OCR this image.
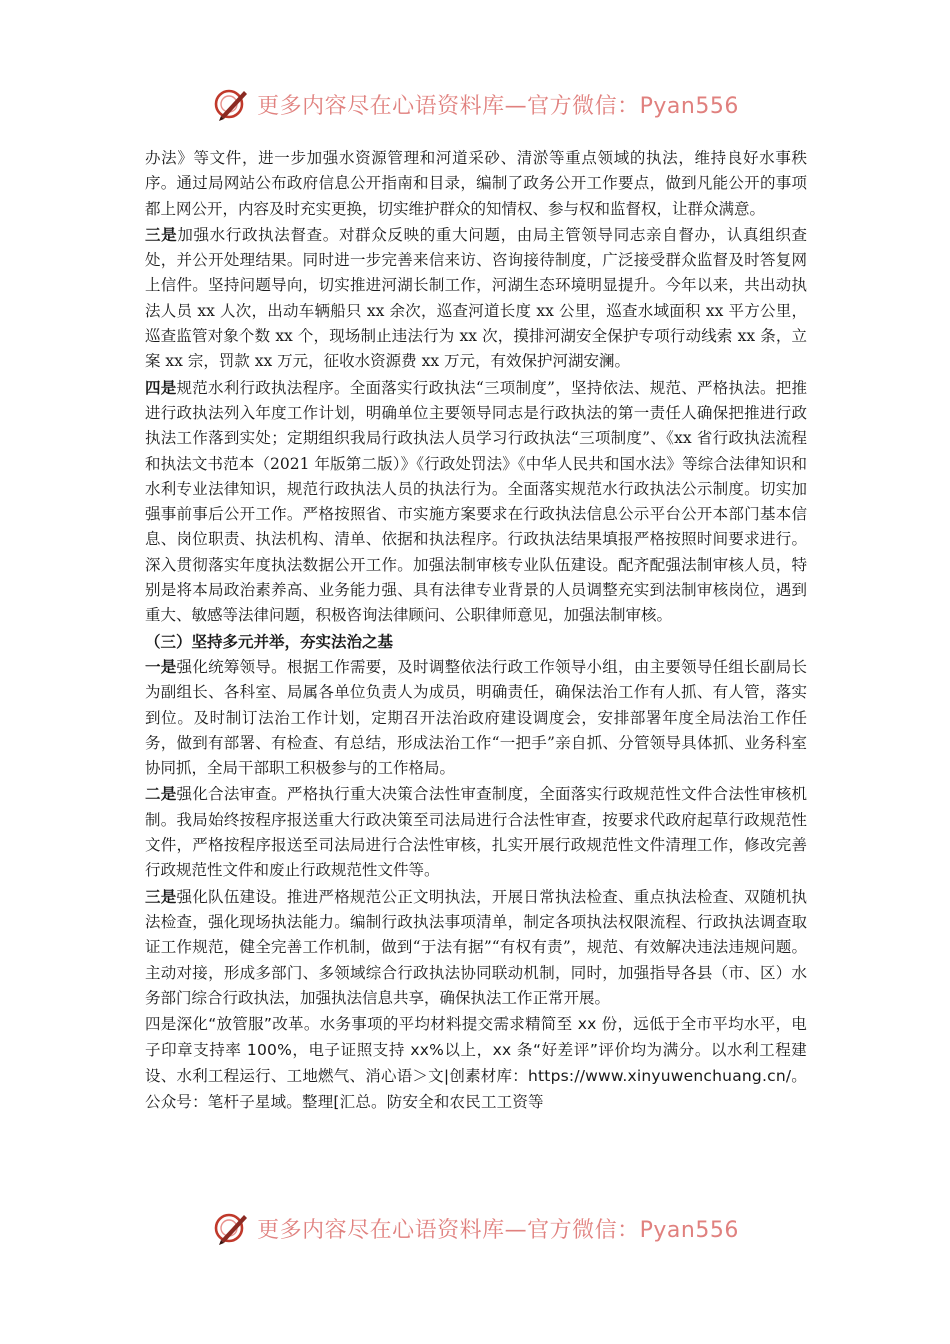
更多内容尽在心语资料库—官方微信：Pyan556

办法》等文件，进一步加强水资源管理和河道采砂、清淤等重点领域的执法，维持良好水事秩序。通过局网站公布政府信息公开指南和目录，编制了政务公开工作要点，做到凡能公开的事项都上网公开，内容及时充实更换，切实维护群众的知情权、参与权和监督权，让群众满意。

三是加强水行政执法督查。对群众反映的重大问题，由局主管领导同志亲自督办，认真组织查处，并公开处理结果。同时进一步完善来信来访、咨询接待制度，广泛接受群众监督及时答复网上信件。坚持问题导向，切实推进河湖长制工作，河湖生态环境明显提升。今年以来，共出动执法人员 xx 人次，出动车辆船只 xx 余次，巡查河道长度 xx 公里，巡查水域面积 xx 平方公里，巡查监管对象个数 xx 个，现场制止违法行为 xx 次，摸排河湖安全保护专项行动线索 xx 条，立案 xx 宗，罚款 xx 万元，征收水资源费 xx 万元，有效保护河湖安澜。

四是规范水利行政执法程序。全面落实行政执法“三项制度”，坚持依法、规范、严格执法。把推进行政执法列入年度工作计划，明确单位主要领导同志是行政执法的第一责任人确保把推进行政执法工作落到实处；定期组织我局行政执法人员学习行政执法“三项制度”、《xx 省行政执法流程和执法文书范本（2021 年版第二版）》《行政处罚法》《中华人民共和国水法》等综合法律知识和水利专业法律知识，规范行政执法人员的执法行为。全面落实规范水行政执法公示制度。切实加强事前事后公开工作。严格按照省、市实施方案要求在行政执法信息公示平台公开本部门基本信息、岗位职责、执法机构、清单、依据和执法程序。行政执法结果填报严格按照时间要求进行。深入贯彻落实年度执法数据公开工作。加强法制审核专业队伍建设。配齐配强法制审核人员，特别是将本局政治素养高、业务能力强、具有法律专业背景的人员调整充实到法制审核岗位，遇到重大、敏感等法律问题，积极咨询法律顾问、公职律师意见，加强法制审核。

（三）坚持多元并举，夯实法治之基

一是强化统筹领导。根据工作需要，及时调整依法行政工作领导小组，由主要领导任组长副局长为副组长、各科室、局属各单位负责人为成员，明确责任，确保法治工作有人抓、有人管，落实到位。及时制订法治工作计划，定期召开法治政府建设调度会，安排部署年度全局法治工作任务，做到有部署、有检查、有总结，形成法治工作“一把手”亲自抓、分管领导具体抓、业务科室协同抓，全局干部职工积极参与的工作格局。

二是强化合法审查。严格执行重大决策合法性审查制度，全面落实行政规范性文件合法性审核机制。我局始终按程序报送重大行政决策至司法局进行合法性审查，按要求代政府起草行政规范性文件，严格按程序报送至司法局进行合法性审核，扎实开展行政规范性文件清理工作，修改完善行政规范性文件和废止行政规范性文件等。

三是强化队伍建设。推进严格规范公正文明执法，开展日常执法检查、重点执法检查、双随机执法检查，强化现场执法能力。编制行政执法事项清单，制定各项执法权限流程、行政执法调查取证工作规范，健全完善工作机制，做到“于法有据”“有权有责”，规范、有效解决违法违规问题。主动对接，形成多部门、多领域综合行政执法协同联动机制，同时，加强指导各县（市、区）水务部门综合行政执法，加强执法信息共享，确保执法工作正常开展。

四是深化“放管服”改革。水务事项的平均材料提交需求精简至 xx 份，远低于全市平均水平，电子印章支持率 100%，电子证照支持 xx%以上，xx 条“好差评”评价均为满分。以水利工程建设、水利工程运行、工地燃气、消心语＞文|创素材库：https://www.xinyuwenchuang.cn/。公众号：笔杆子星域。整理[汇总。防安全和农民工工资等

更多内容尽在心语资料库—官方微信：Pyan556
